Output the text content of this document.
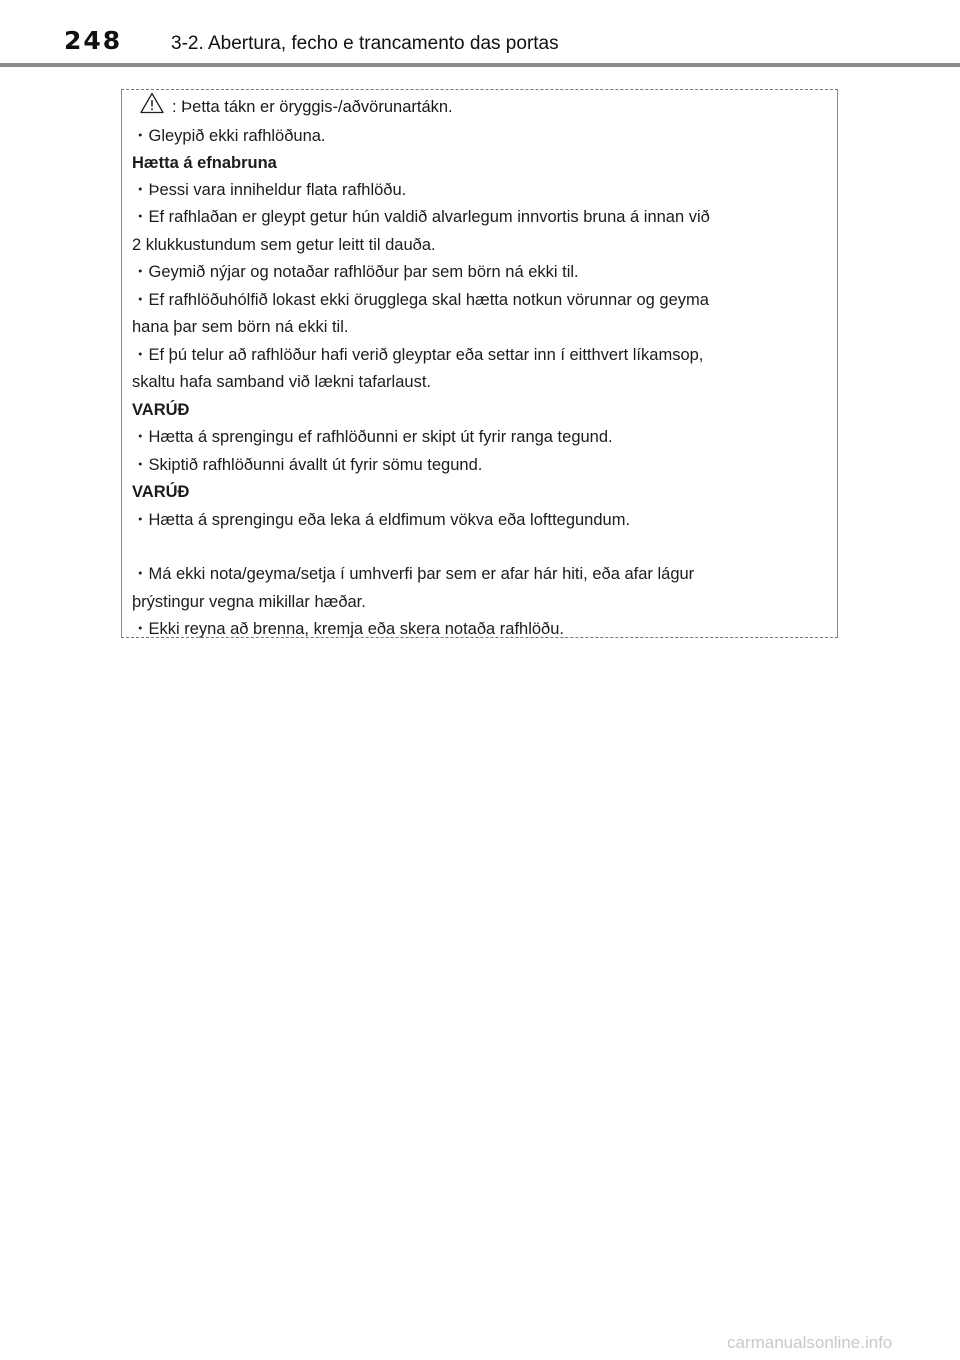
248	3-2. Abertura, fecho e trancamento das portas
: Þetta tákn er öryggis-/aðvörunartákn.
・Gleypið ekki rafhlöðuna.
Hætta á efnabruna
・Þessi vara inniheldur flata rafhlöðu.
・Ef rafhlaðan er gleypt getur hún valdið alvarlegum innvortis bruna á innan við
2 klukkustundum sem getur leitt til dauða.
・Geymið nýjar og notaðar rafhlöður þar sem börn ná ekki til.
・Ef rafhlöðuhólfið lokast ekki örugglega skal hætta notkun vörunnar og geyma
hana þar sem börn ná ekki til.
・Ef þú telur að rafhlöður hafi verið gleyptar eða settar inn í eitthvert líkamsop,
skaltu hafa samband við lækni tafarlaust.
VARÚÐ
・Hætta á sprengingu ef rafhlöðunni er skipt út fyrir ranga tegund.
・Skiptið rafhlöðunni ávallt út fyrir sömu tegund.
VARÚÐ
・Hætta á sprengingu eða leka á eldfimum vökva eða lofttegundum.
・Má ekki nota/geyma/setja í umhverfi þar sem er afar hár hiti, eða afar lágur
þrýstingur vegna mikillar hæðar.
・Ekki reyna að brenna, kremja eða skera notaða rafhlöðu.
carmanualsonline.info
